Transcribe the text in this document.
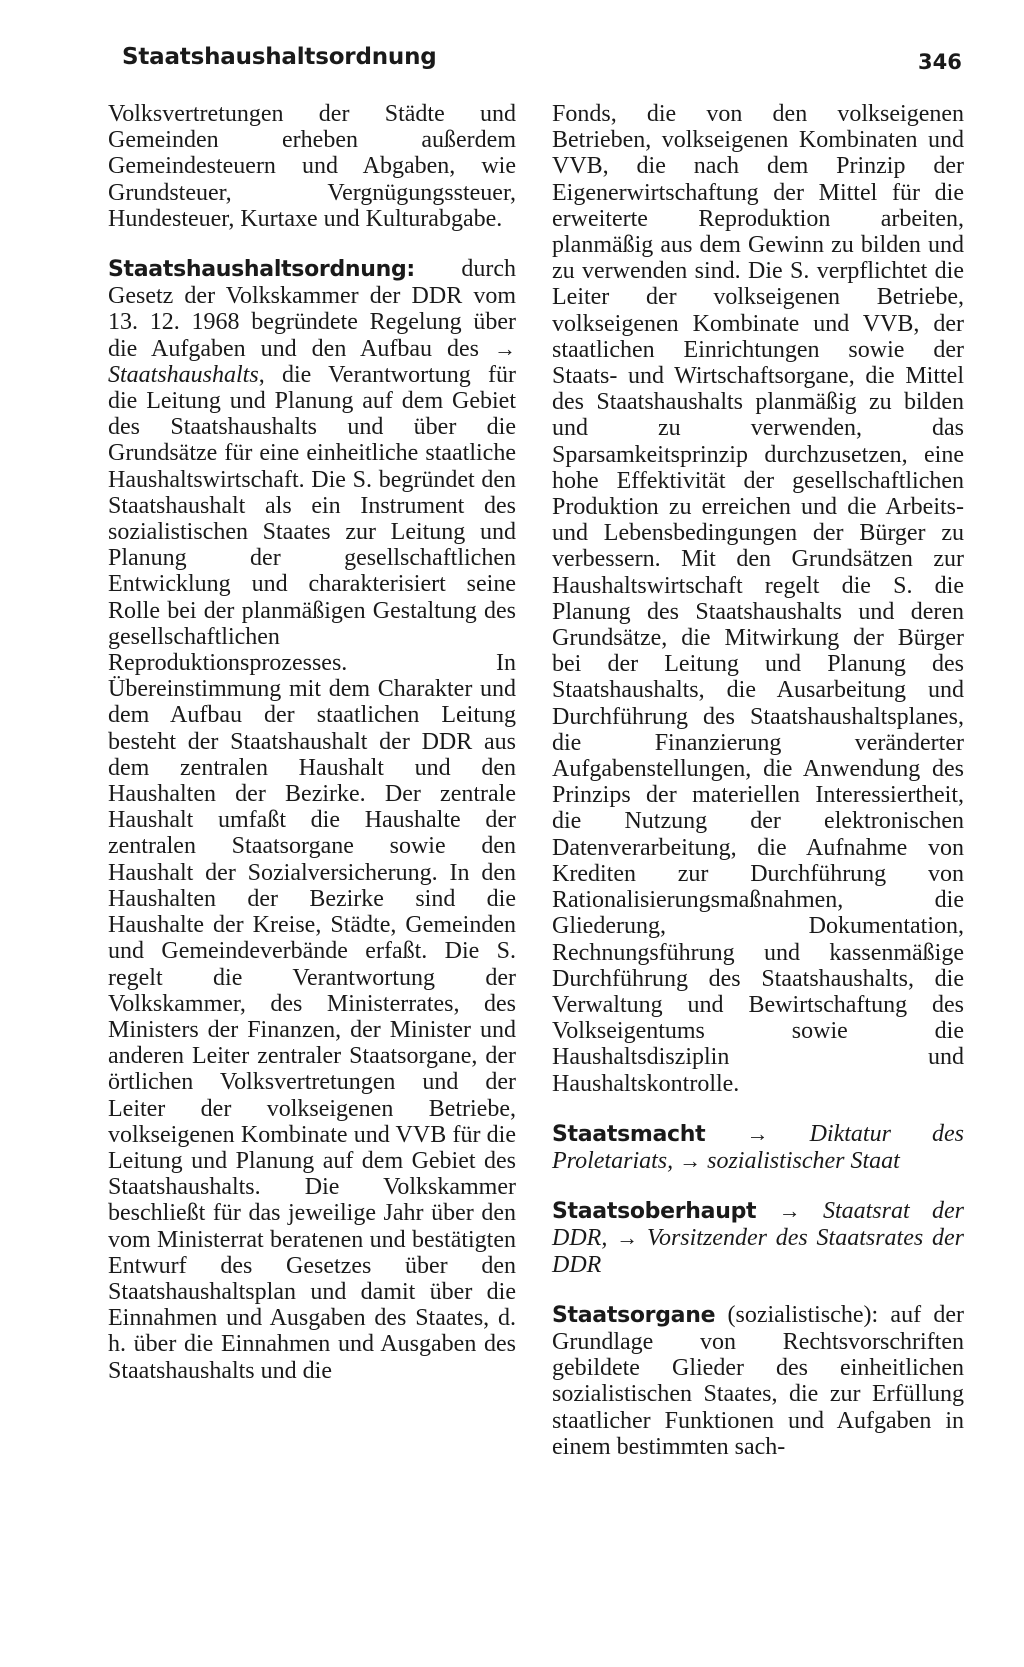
Staatshaushaltsordnung	346

Volksvertretungen der Städte und Gemeinden erheben außerdem Gemeindesteuern und Abgaben, wie Grundsteuer, Vergnügungssteuer, Hundesteuer, Kurtaxe und Kulturabgabe.

Staatshaushaltsordnung: durch Gesetz der Volkskammer der DDR vom 13. 12. 1968 begründete Regelung über die Aufgaben und den Aufbau des → Staatshaushalts, die Verantwortung für die Leitung und Planung auf dem Gebiet des Staatshaushalts und über die Grundsätze für eine einheitliche staatliche Haushaltswirtschaft. Die S. begründet den Staatshaushalt als ein Instrument des sozialistischen Staates zur Leitung und Planung der gesellschaftlichen Entwicklung und charakterisiert seine Rolle bei der planmäßigen Gestaltung des gesellschaftlichen Reproduktionsprozesses. In Übereinstimmung mit dem Charakter und dem Aufbau der staatlichen Leitung besteht der Staatshaushalt der DDR aus dem zentralen Haushalt und den Haushalten der Bezirke. Der zentrale Haushalt umfaßt die Haushalte der zentralen Staatsorgane sowie den Haushalt der Sozialversicherung. In den Haushalten der Bezirke sind die Haushalte der Kreise, Städte, Gemeinden und Gemeindeverbände erfaßt. Die S. regelt die Verantwortung der Volkskammer, des Ministerrates, des Ministers der Finanzen, der Minister und anderen Leiter zentraler Staatsorgane, der örtlichen Volksvertretungen und der Leiter der volkseigenen Betriebe, volkseigenen Kombinate und VVB für die Leitung und Planung auf dem Gebiet des Staatshaushalts. Die Volkskammer beschließt für das jeweilige Jahr über den vom Ministerrat beratenen und bestätigten Entwurf des Gesetzes über den Staatshaushaltsplan und damit über die Einnahmen und Ausgaben des Staates, d. h. über die Einnahmen und Ausgaben des Staatshaushalts und die

Fonds, die von den volkseigenen Betrieben, volkseigenen Kombinaten und VVB, die nach dem Prinzip der Eigenerwirtschaftung der Mittel für die erweiterte Reproduktion arbeiten, planmäßig aus dem Gewinn zu bilden und zu verwenden sind. Die S. verpflichtet die Leiter der volkseigenen Betriebe, volkseigenen Kombinate und VVB, der staatlichen Einrichtungen sowie der Staats- und Wirtschaftsorgane, die Mittel des Staatshaushalts planmäßig zu bilden und zu verwenden, das Sparsamkeitsprinzip durchzusetzen, eine hohe Effektivität der gesellschaftlichen Produktion zu erreichen und die Arbeits- und Lebensbedingungen der Bürger zu verbessern. Mit den Grundsätzen zur Haushaltswirtschaft regelt die S. die Planung des Staatshaushalts und deren Grundsätze, die Mitwirkung der Bürger bei der Leitung und Planung des Staatshaushalts, die Ausarbeitung und Durchführung des Staatshaushaltsplanes, die Finanzierung veränderter Aufgabenstellungen, die Anwendung des Prinzips der materiellen Interessiertheit, die Nutzung der elektronischen Datenverarbeitung, die Aufnahme von Krediten zur Durchführung von Rationalisierungsmaßnahmen, die Gliederung, Dokumentation, Rechnungsführung und kassenmäßige Durchführung des Staatshaushalts, die Verwaltung und Bewirtschaftung des Volkseigentums sowie die Haushaltsdisziplin und Haushaltskontrolle.

Staatsmacht → Diktatur des Proletariats, → sozialistischer Staat

Staatsoberhaupt → Staatsrat der DDR, → Vorsitzender des Staatsrates der DDR

Staatsorgane (sozialistische): auf der Grundlage von Rechtsvorschriften gebildete Glieder des einheitlichen sozialistischen Staates, die zur Erfüllung staatlicher Funktionen und Aufgaben in einem bestimmten sach-
